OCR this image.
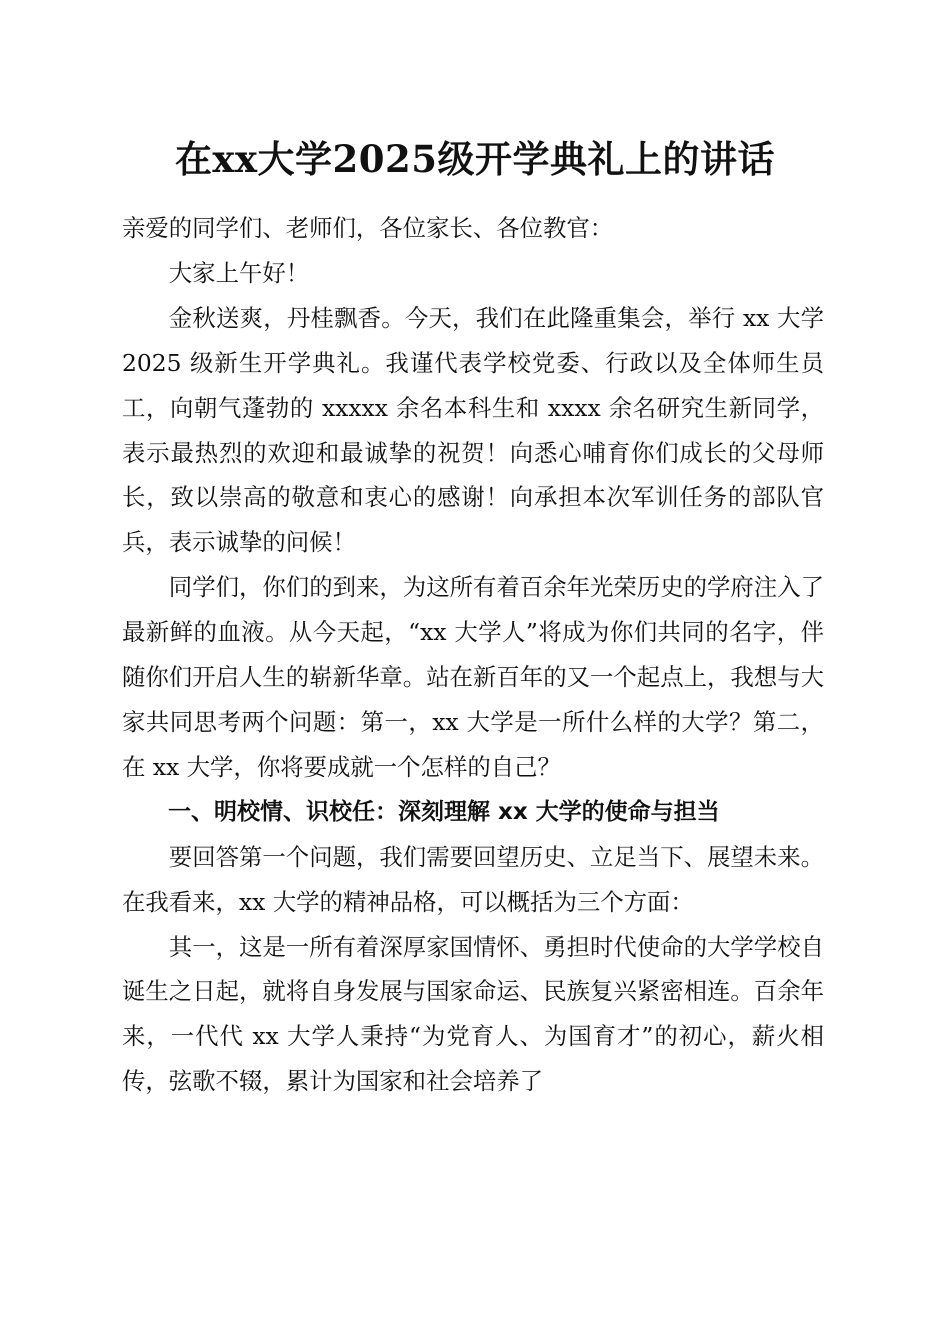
在xx大学2025级开学典礼上的讲话

亲爱的同学们、老师们，各位家长、各位教官：

大家上午好！

金秋送爽，丹桂飘香。今天，我们在此隆重集会，举行 xx 大学 2025 级新生开学典礼。我谨代表学校党委、行政以及全体师生员工，向朝气蓬勃的 xxxxx 余名本科生和 xxxx 余名研究生新同学，表示最热烈的欢迎和最诚挚的祝贺！向悉心哺育你们成长的父母师长，致以崇高的敬意和衷心的感谢！向承担本次军训任务的部队官兵，表示诚挚的问候！

同学们，你们的到来，为这所有着百余年光荣历史的学府注入了最新鲜的血液。从今天起，“xx 大学人”将成为你们共同的名字，伴随你们开启人生的崭新华章。站在新百年的又一个起点上，我想与大家共同思考两个问题：第一，xx 大学是一所什么样的大学？第二，在 xx 大学，你将要成就一个怎样的自己？

一、明校情、识校任：深刻理解 xx 大学的使命与担当

要回答第一个问题，我们需要回望历史、立足当下、展望未来。在我看来，xx 大学的精神品格，可以概括为三个方面：

其一，这是一所有着深厚家国情怀、勇担时代使命的大学学校自诞生之日起，就将自身发展与国家命运、民族复兴紧密相连。百余年来，一代代 xx 大学人秉持“为党育人、为国育才”的初心，薪火相传，弦歌不辍，累计为国家和社会培养了
